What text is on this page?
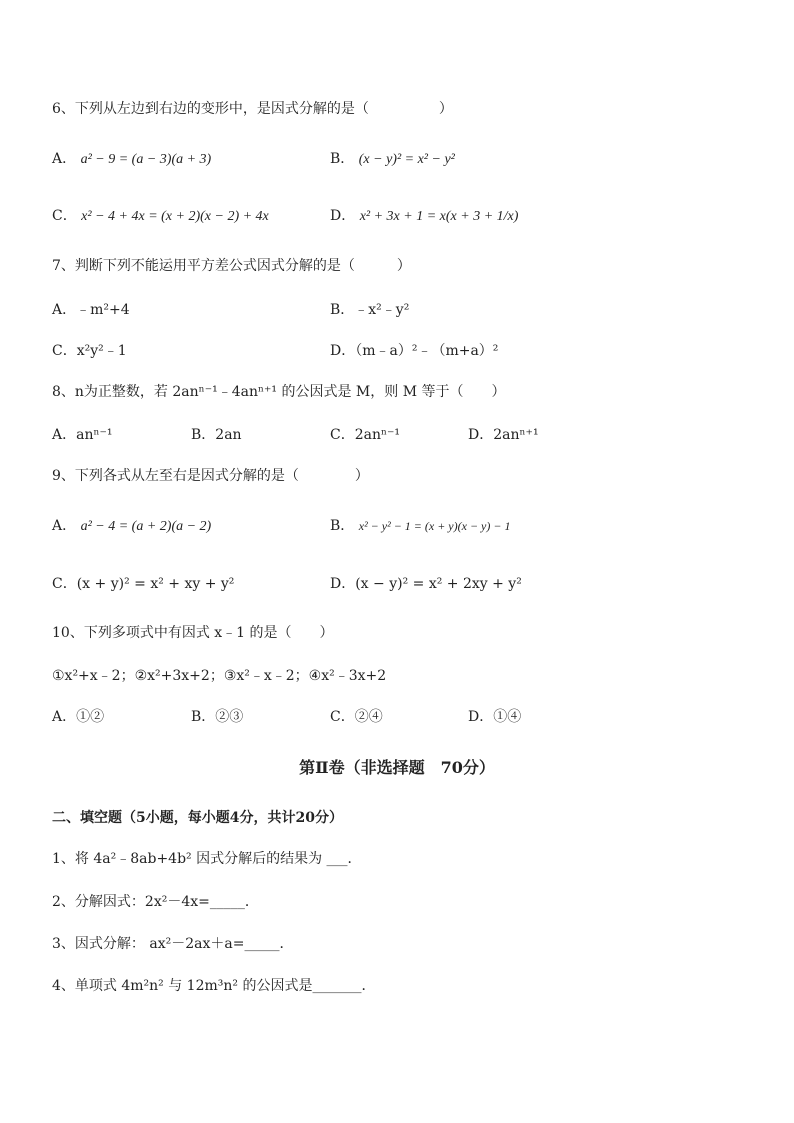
6、下列从左边到右边的变形中，是因式分解的是（　　　　　）
A． a² − 9 = (a − 3)(a + 3)	B． (x − y)² = x² − y²
C． x² − 4 + 4x = (x + 2)(x − 2) + 4x	D． x² + 3x + 1 = x(x + 3 + 1/x)
7、判断下列不能运用平方差公式因式分解的是（　　　）
A．﹣m²+4	B．﹣x²﹣y²
C．x²y²﹣1	D．（m﹣a）²﹣（m+a）²
8、n为正整数，若 2anⁿ⁻¹﹣4anⁿ⁺¹ 的公因式是 M，则 M 等于（　　）
A．anⁿ⁻¹	B．2an	C．2anⁿ⁻¹	D．2anⁿ⁺¹
9、下列各式从左至右是因式分解的是（　　　　）
A． a² − 4 = (a + 2)(a − 2)	B． x² − y² − 1 = (x + y)(x − y) − 1
C．(x + y)² = x² + xy + y²	D．(x − y)² = x² + 2xy + y²
10、下列多项式中有因式 x﹣1 的是（　　）
①x²+x﹣2；②x²+3x+2；③x²﹣x﹣2；④x²﹣3x+2
A．①②	B．②③	C．②④	D．①④
第Ⅱ卷（非选择题　70分）
二、填空题（5小题，每小题4分，共计20分）
1、将 4a²﹣8ab+4b² 因式分解后的结果为 ___．
2、分解因式：2x²－4x=_____．
3、因式分解： ax²－2ax＋a=_____．
4、单项式 4m²n² 与 12m³n² 的公因式是_______．
